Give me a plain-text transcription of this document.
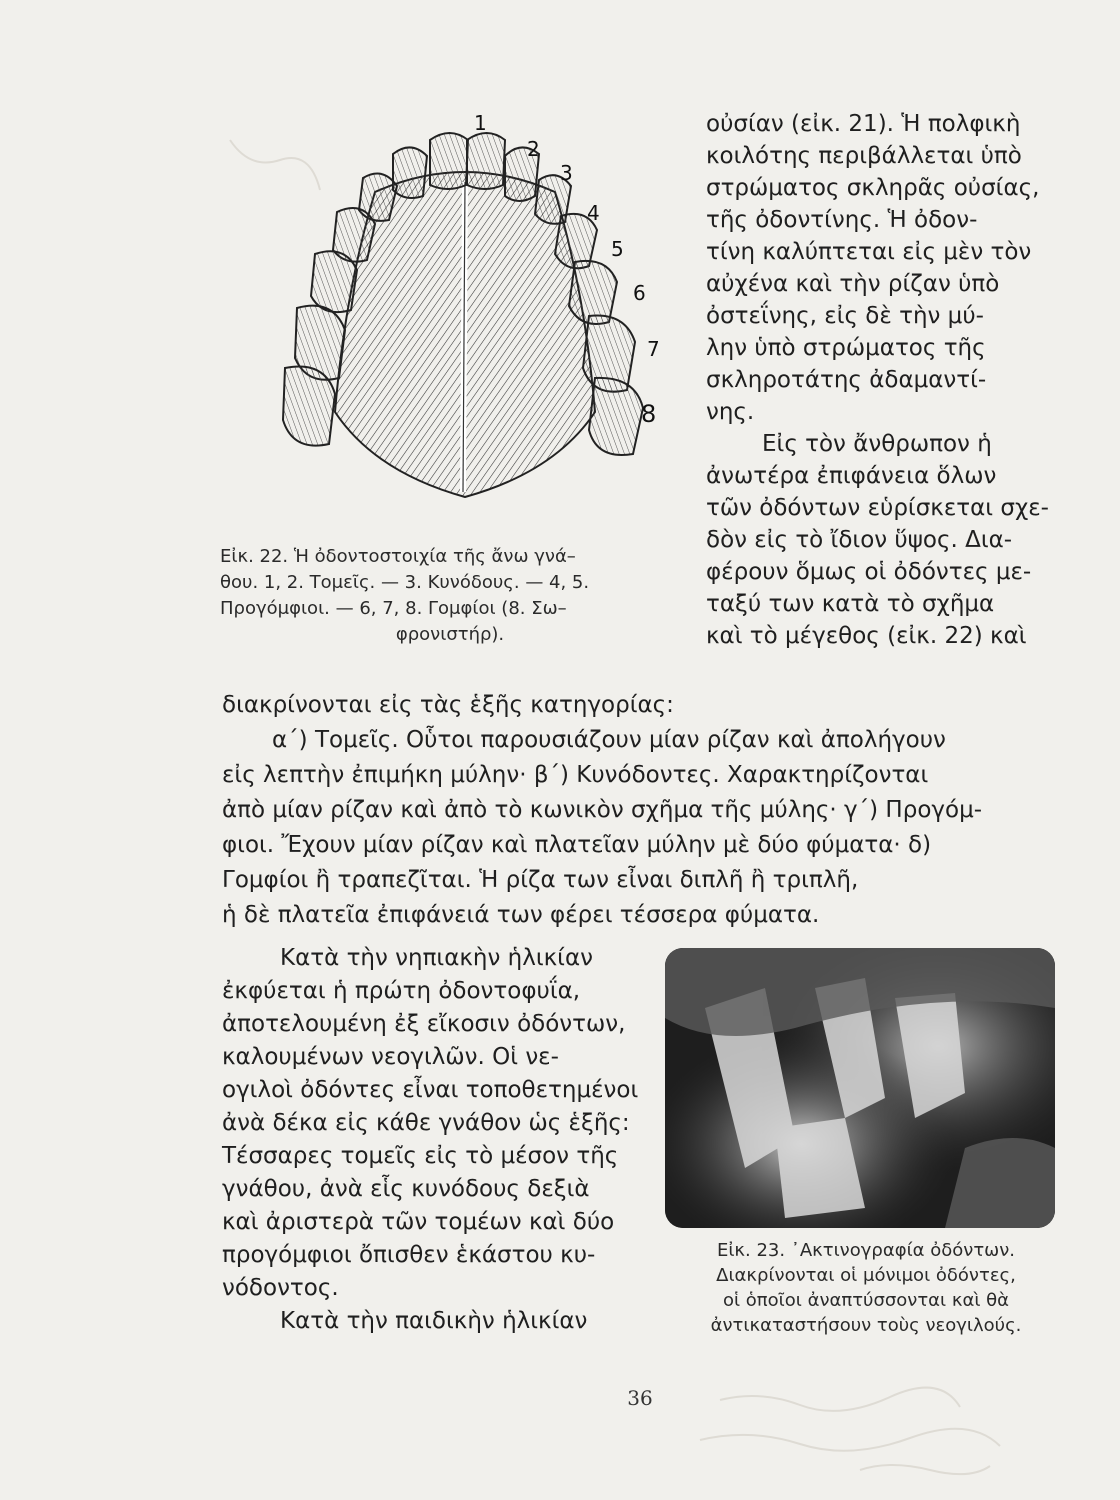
1
2
3
4
5
6
7
8
Εἰκ. 22. Ἡ ὀδοντοστοιχία τῆς ἄνω γνά–
θου. 1, 2. Τομεῖς. — 3. Κυνόδους. — 4, 5.
Προγόμφιοι. — 6, 7, 8. Γομφίοι (8. Σω–
φρονιστήρ).
οὐσίαν (εἰκ. 21). Ἡ πολφικὴ
κοιλότης περιβάλλεται ὑπὸ
στρώματος σκληρᾶς οὐσίας,
τῆς ὀδοντίνης. Ἡ ὀδον-
τίνη καλύπτεται εἰς μὲν τὸν
αὐχένα καὶ τὴν ρίζαν ὑπὸ
ὀστεΐνης, εἰς δὲ τὴν μύ-
λην ὑπὸ στρώματος τῆς
σκληροτάτης ἀδαμαντί-
νης.
Εἰς τὸν ἄνθρωπον ἡ
ἀνωτέρα ἐπιφάνεια ὅλων
τῶν ὀδόντων εὑρίσκεται σχε-
δὸν εἰς τὸ ἴδιον ὕψος. Δια-
φέρουν ὅμως οἱ ὀδόντες με-
ταξύ των κατὰ τὸ σχῆμα
καὶ τὸ μέγεθος (εἰκ. 22) καὶ
διακρίνονται εἰς τὰς ἑξῆς κατηγορίας:
α΄) Τομεῖς. Οὗτοι παρουσιάζουν μίαν ρίζαν καὶ ἀπολήγουν
εἰς λεπτὴν ἐπιμήκη μύλην· β΄) Κυνόδοντες. Χαρακτηρίζονται
ἀπὸ μίαν ρίζαν καὶ ἀπὸ τὸ κωνικὸν σχῆμα τῆς μύλης· γ΄) Προγόμ-
φιοι. Ἔχουν μίαν ρίζαν καὶ πλατεῖαν μύλην μὲ δύο φύματα· δ)
Γομφίοι ἢ τραπεζῖται. Ἡ ρίζα των εἶναι διπλῆ ἢ τριπλῆ,
ἡ δὲ πλατεῖα ἐπιφάνειά των φέρει τέσσερα φύματα.
Κατὰ τὴν νηπιακὴν ἡλικίαν
ἐκφύεται ἡ πρώτη ὀδοντοφυΐα,
ἀποτελουμένη ἐξ εἴκοσιν ὀδόντων,
καλουμένων νεογιλῶν. Οἱ νε-
ογιλοὶ ὀδόντες εἶναι τοποθετημένοι
ἀνὰ δέκα εἰς κάθε γνάθον ὡς ἑξῆς:
Τέσσαρες τομεῖς εἰς τὸ μέσον τῆς
γνάθου, ἀνὰ εἷς κυνόδους δεξιὰ
καὶ ἀριστερὰ τῶν τομέων καὶ δύο
προγόμφιοι ὄπισθεν ἑκάστου κυ-
νόδοντος.
Κατὰ τὴν παιδικὴν ἡλικίαν
Εἰκ. 23. ᾿Ακτινογραφία ὀδόντων.
Διακρίνονται οἱ μόνιμοι ὀδόντες,
οἱ ὁποῖοι ἀναπτύσσονται καὶ θὰ
ἀντικαταστήσουν τοὺς νεογιλούς.
36
